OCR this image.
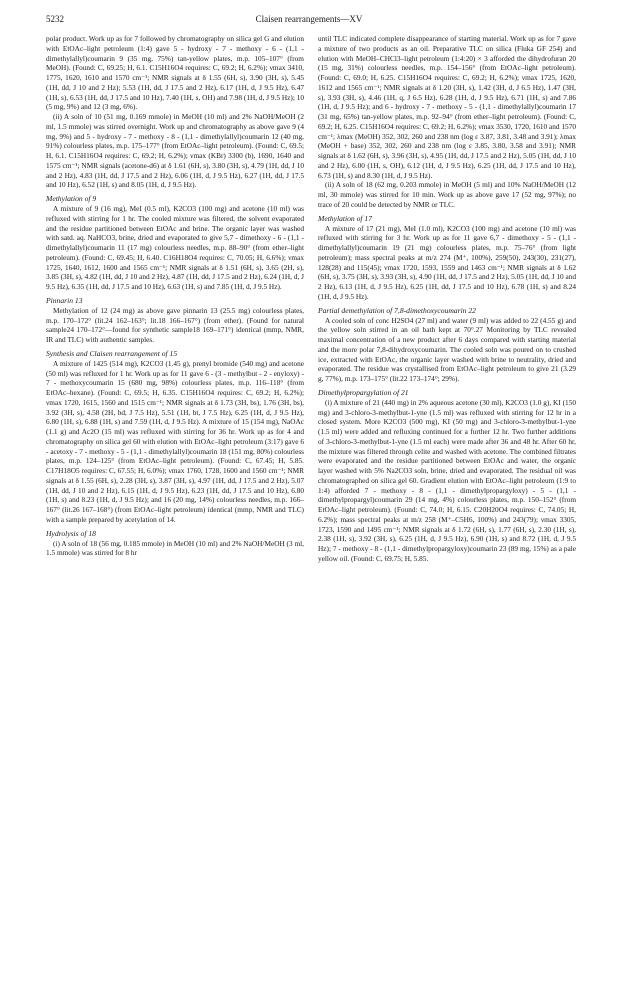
5232	Claisen rearrangements—XV

polar product. Work up as for 7 followed by chromatography on silica gel G and elution with EtOAc–light petroleum (1:4) gave 5 - hydroxy - 7 - methoxy - 6 - (1,1 - dimethylallyl)coumarin 9 (35 mg, 75%) tan-yellow plates, m.p. 105–107° (from MeOH). (Found: C, 69.25; H, 6.1. C15H16O4 requires: C, 69.2; H, 6.2%); νmax 3410, 1775, 1620, 1610 and 1570 cm⁻¹; NMR signals at δ 1.55 (6H, s), 3.90 (3H, s), 5.45 (1H, dd, J 10 and 2 Hz); 5.53 (1H, dd, J 17.5 and 2 Hz), 6.17 (1H, d, J 9.5 Hz), 6.47 (1H, s), 6.53 (1H, dd, J 17.5 and 10 Hz), 7.40 (1H, s, OH) and 7.98 (1H, d, J 9.5 Hz); 10 (5 mg, 9%) and 12 (3 mg, 6%).

(ii) A soln of 10 (51 mg, 0.169 mmole) in MeOH (10 ml) and 2% NaOH/MeOH (2 ml, 1.5 mmole) was stirred overnight. Work up and chromatography as above gave 9 (4 mg, 9%) and 5 - hydroxy - 7 - methoxy - 8 - (1,1 - dimethylallyl)coumarin 12 (40 mg, 91%) colourless plates, m.p. 175–177° (from EtOAc–light petroleum). (Found: C, 69.5; H, 6.1. C15H16O4 requires: C, 69.2; H, 6.2%); νmax (KBr) 3300 (b), 1690, 1640 and 1575 cm⁻¹; NMR signals (acetone-d6) at δ 1.61 (6H, s), 3.80 (3H, s), 4.79 (1H, dd, J 10 and 2 Hz), 4.83 (1H, dd, J 17.5 and 2 Hz), 6.06 (1H, d, J 9.5 Hz), 6.27 (1H, dd, J 17.5 and 10 Hz), 6.52 (1H, s) and 8.05 (1H, d, J 9.5 Hz).

Methylation of 9

A mixture of 9 (16 mg), MeI (0.5 ml), K2CO3 (100 mg) and acetone (10 ml) was refluxed with stirring for 1 hr. The cooled mixture was filtered, the solvent evaporated and the residue partitioned between EtOAc and brine. The organic layer was washed with satd. aq. NaHCO3, brine, dried and evaporated to give 5,7 - dimethoxy - 6 - (1,1 - dimethylallyl)coumarin 11 (17 mg) colourless needles, m.p. 88–90° (from ether–light petroleum). (Found: C, 69.45; H, 6.40. C16H18O4 requires: C, 70.05; H, 6.6%); νmax 1725, 1640, 1612, 1600 and 1565 cm⁻¹; NMR signals at δ 1.51 (6H, s), 3.65 (2H, s), 3.85 (3H, s), 4.82 (1H, dd, J 10 and 2 Hz), 4.87 (1H, dd, J 17.5 and 2 Hz), 6.24 (1H, d, J 9.5 Hz), 6.35 (1H, dd, J 17.5 and 10 Hz), 6.63 (1H, s) and 7.85 (1H, d, J 9.5 Hz).

Pinnarin 13

Methylation of 12 (24 mg) as above gave pinnarin 13 (25.5 mg) colourless plates, m.p. 170–172° (lit.24 162–163°; lit.18 166–167°) (from ether). (Found for natural sample24 170–172°—found for synthetic sample18 169–171°) identical (mmp, NMR, IR and TLC) with authentic samples.

Synthesis and Claisen rearrangement of 15

A mixture of 1425 (514 mg), K2CO3 (1.45 g), prenyl bromide (540 mg) and acetone (50 ml) was refluxed for 1 hr. Work up as for 11 gave 6 - (3 - methylbut - 2 - enyloxy) - 7 - methoxycoumarin 15 (680 mg, 98%) colourless plates, m.p. 116–118° (from EtOAc–hexane). (Found: C, 69.5; H, 6.35. C15H16O4 requires: C, 69.2; H, 6.2%); νmax 1720, 1615, 1560 and 1515 cm⁻¹; NMR signals at δ 1.73 (3H, bs), 1.76 (3H, bs), 3.92 (3H, s), 4.58 (2H, bd, J 7.5 Hz), 5.51 (1H, bt, J 7.5 Hz), 6.25 (1H, d, J 9.5 Hz), 6.80 (1H, s), 6.88 (1H, s) and 7.59 (1H, d, J 9.5 Hz). A mixture of 15 (154 mg), NaOAc (1.1 g) and Ac2O (15 ml) was refluxed with stirring for 36 hr. Work up as for 4 and chromatography on silica gel 60 with elution with EtOAc–light petroleum (3:17) gave 6 - acetoxy - 7 - methoxy - 5 - (1,1 - dimethylallyl)coumarin 18 (151 mg, 80%) colourless plates, m.p. 124–125° (from EtOAc–light petroleum). (Found: C, 67.45; H, 5.85. C17H18O5 requires: C, 67.55; H, 6.0%); νmax 1760, 1728, 1600 and 1560 cm⁻¹; NMR signals at δ 1.55 (6H, s), 2.28 (3H, s), 3.87 (3H, s), 4.97 (1H, dd, J 17.5 and 2 Hz), 5.07 (1H, dd, J 10 and 2 Hz), 6.15 (1H, d, J 9.5 Hz), 6.23 (1H, dd, J 17.5 and 10 Hz), 6.80 (1H, s) and 8.23 (1H, d, J 9.5 Hz); and 16 (20 mg, 14%) colourless needles, m.p. 166–167° (lit.26 167–168°) (from EtOAc–light petroleum) identical (mmp, NMR and TLC) with a sample prepared by acetylation of 14.

Hydrolysis of 18

(i) A soln of 18 (56 mg, 0.185 mmole) in MeOH (10 ml) and 2% NaOH/MeOH (3 ml, 1.5 mmole) was stirred for 8 hr

until TLC indicated complete disappearance of starting material. Work up as for 7 gave a mixture of two products as an oil. Preparative TLC on silica (Fluka GF 254) and elution with MeOH–CHCl3–light petroleum (1:4:20) × 3 afforded the dihydrofuran 20 (15 mg, 31%) colourless needles, m.p. 154–156° (from EtOAc–light petroleum). (Found: C, 69.0; H, 6.25. C15H16O4 requires: C, 69.2; H, 6.2%); νmax 1725, 1620, 1612 and 1565 cm⁻¹; NMR signals at δ 1.20 (3H, s), 1.42 (3H, d, J 6.5 Hz), 1.47 (3H, s), 3.93 (3H, s), 4.46 (1H, q, J 6.5 Hz), 6.28 (1H, d, J 9.5 Hz), 6.71 (1H, s) and 7.86 (1H, d, J 9.5 Hz); and 6 - hydroxy - 7 - methoxy - 5 - (1,1 - dimethylallyl)coumarin 17 (31 mg, 65%) tan-yellow plates, m.p. 92–94° (from ether–light petroleum). (Found: C, 69.2; H, 6.25. C15H16O4 requires: C, 69.2; H, 6.2%); νmax 3530, 1720, 1610 and 1570 cm⁻¹; λmax (MeOH) 352, 302, 260 and 238 nm (log ε 3.87, 3.81, 3.48 and 3.91); λmax (MeOH + base) 352, 302, 260 and 238 nm (log ε 3.85, 3.80, 3.58 and 3.91); NMR signals at δ 1.62 (6H, s), 3.96 (3H, s), 4.95 (1H, dd, J 17.5 and 2 Hz), 5.05 (1H, dd, J 10 and 2 Hz), 6.00 (1H, s, OH), 6.12 (1H, d, J 9.5 Hz), 6.25 (1H, dd, J 17.5 and 10 Hz), 6.73 (1H, s) and 8.30 (1H, d, J 9.5 Hz).

(ii) A soln of 18 (62 mg, 0.203 mmole) in MeOH (5 ml) and 10% NaOH/MeOH (12 ml, 30 mmole) was stirred for 10 min. Work up as above gave 17 (52 mg, 97%); no trace of 20 could be detected by NMR or TLC.

Methylation of 17

A mixture of 17 (21 mg), MeI (1.0 ml), K2CO3 (100 mg) and acetone (10 ml) was refluxed with stirring for 3 hr. Work up as for 11 gave 6,7 - dimethoxy - 5 - (1,1 - dimethylallyl)coumarin 19 (21 mg) colourless plates, m.p. 75–76° (from light petroleum); mass spectral peaks at m/z 274 (M⁺, 100%), 259(50), 243(30), 231(27), 128(28) and 115(45); νmax 1720, 1593, 1559 and 1463 cm⁻¹; NMR signals at δ 1.62 (6H, s), 3.75 (3H, s), 3.93 (3H, s), 4.90 (1H, dd, J 17.5 and 2 Hz), 5.05 (1H, dd, J 10 and 2 Hz), 6.13 (1H, d, J 9.5 Hz), 6.25 (1H, dd, J 17.5 and 10 Hz), 6.78 (1H, s) and 8.24 (1H, d, J 9.5 Hz).

Partial demethylation of 7,8-dimethoxycoumarin 22

A cooled soln of conc H2SO4 (27 ml) and water (9 ml) was added to 22 (4.55 g) and the yellow soln stirred in an oil bath kept at 70°.27 Monitoring by TLC revealed maximal concentration of a new product after 6 days compared with starting material and the more polar 7,8-dihydroxycoumarin. The cooled soln was poured on to crushed ice, extracted with EtOAc, the organic layer washed with brine to neutrality, dried and evaporated. The residue was crystallised from EtOAc–light petroleum to give 21 (3.29 g, 77%), m.p. 173–175° (lit.22 173–174°; 29%).

Dimethylpropargylation of 21

(i) A mixture of 21 (440 mg) in 2% aqueous acetone (30 ml), K2CO3 (1.0 g), KI (150 mg) and 3-chloro-3-methylbut-1-yne (1.5 ml) was refluxed with stirring for 12 hr in a closed system. More K2CO3 (500 mg), KI (50 mg) and 3-chloro-3-methylbut-1-yne (1.5 ml) were added and refluxing continued for a further 12 hr. Two further additions of 3-chloro-3-methylbut-1-yne (1.5 ml each) were made after 36 and 48 hr. After 60 hr, the mixture was filtered through celite and washed with acetone. The combined filtrates were evaporated and the residue partitioned between EtOAc and water, the organic layer washed with 5% Na2CO3 soln, brine, dried and evaporated. The residual oil was chromatographed on silica gel 60. Gradient elution with EtOAc–light petroleum (1:9 to 1:4) afforded 7 - methoxy - 8 - (1,1 - dimethylpropargyloxy) - 5 - (1,1 - dimethylpropargyl)coumarin 29 (14 mg, 4%) colourless plates, m.p. 150–152° (from EtOAc–light petroleum). (Found: C, 74.0; H, 6.15. C20H20O4 requires: C, 74.05; H, 6.2%); mass spectral peaks at m/z 258 (M⁺–C5H6, 100%) and 243(79); νmax 3305, 1723, 1590 and 1495 cm⁻¹; NMR signals at δ 1.72 (6H, s), 1.77 (6H, s), 2.30 (1H, s), 2.38 (1H, s), 3.92 (3H, s), 6.25 (1H, d, J 9.5 Hz), 6.90 (1H, s) and 8.72 (1H, d, J 9.5 Hz); 7 - methoxy - 8 - (1,1 - dimethylpropargyloxy)coumarin 23 (89 mg, 15%) as a pale yellow oil. (Found: C, 69.75; H, 5.85.
